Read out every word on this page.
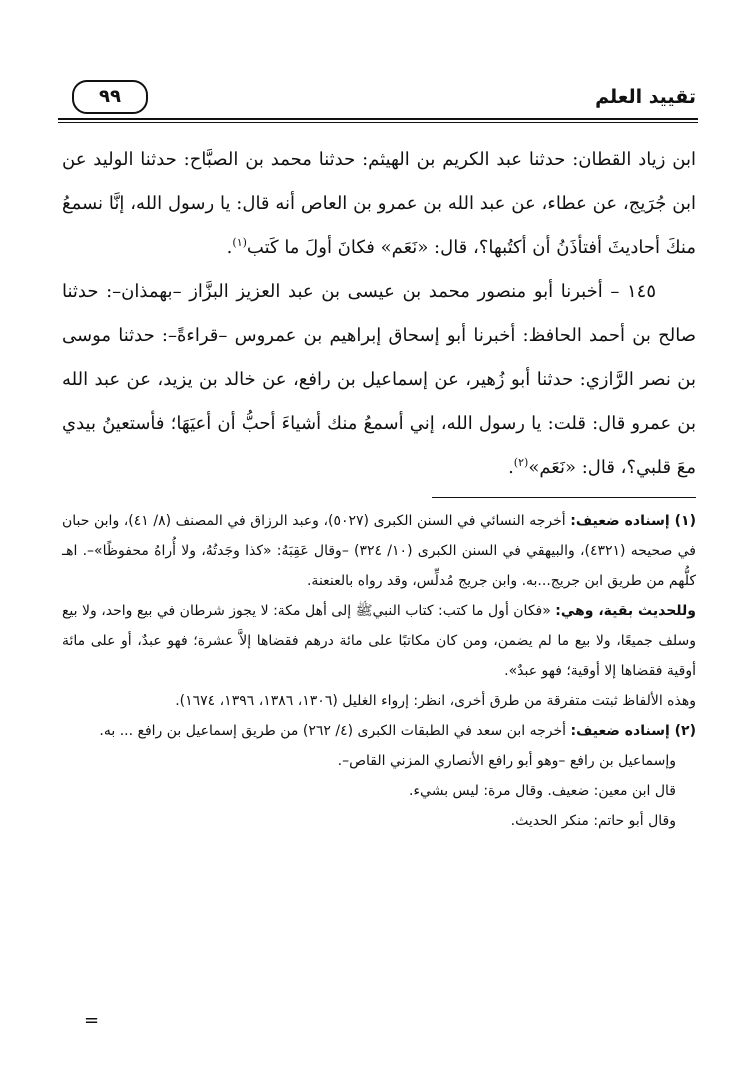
تقييد العلم
٩٩

ابن زياد القطان: حدثنا عبد الكريم بن الهيثم: حدثنا محمد بن الصبَّاح: حدثنا الوليد عن ابن جُرَيج، عن عطاء، عن عبد الله بن عمرو بن العاص أنه قال: يا رسول الله، إنَّا نسمعُ منكَ أحاديثَ أفتأذَنُ أن أكتُبها؟، قال: «نَعَم» فكانَ أولَ ما كَتب$^{(١)}$.

١٤٥ – أخبرنا أبو منصور محمد بن عيسى بن عبد العزيز البزَّاز –بهمذان–: حدثنا صالح بن أحمد الحافظ: أخبرنا أبو إسحاق إبراهيم بن عمروس –قراءةً–: حدثنا موسى بن نصر الرَّازي: حدثنا أبو زُهير، عن إسماعيل بن رافع، عن خالد بن يزيد، عن عبد الله بن عمرو قال: قلت: يا رسول الله، إني أسمعُ منك أشياءَ أحبُّ أن أعيَهَا؛ فأستعينُ بيدي معَ قلبي؟، قال: «نَعَم»$^{(٢)}$.

(١) إسناده ضعيف: أخرجه النسائي في السنن الكبرى (٥٠٢٧)، وعبد الرزاق في المصنف (٨/ ٤١)، وابن حبان في صحيحه (٤٣٢١)، والبيهقي في السنن الكبرى (١٠/ ٣٢٤) –وقال عَقِبَهُ: «كذا وجَدتُهُ، ولا أُراهُ محفوظًا»–. اهـ كلُّهم من طريق ابن جريج...به. وابن جريج مُدلِّس، وقد رواه بالعنعنة.

وللحديث بقية، وهي: «فكان أول ما كتب: كتاب النبيﷺ إلى أهل مكة: لا يجوز شرطان في بيع واحد، ولا بيع وسلف جميعًا، ولا بيع ما لم يضمن، ومن كان مكاتبًا على مائة درهم فقضاها إلاَّ عشرة؛ فهو عبدٌ، أو على مائة أوقية فقضاها إلا أوقية؛ فهو عبدٌ».

وهذه الألفاظ ثبتت متفرقة من طرق أخرى، انظر: إرواء الغليل (١٣٠٦، ١٣٨٦، ١٣٩٦، ١٦٧٤).

(٢) إسناده ضعيف: أخرجه ابن سعد في الطبقات الكبرى (٤/ ٢٦٢) من طريق إسماعيل بن رافع ... به.

وإسماعيل بن رافع –وهو أبو رافع الأنصاري المزني القاص–.

قال ابن معين: ضعيف. وقال مرة: ليس بشيء.

وقال أبو حاتم: منكر الحديث.

=
